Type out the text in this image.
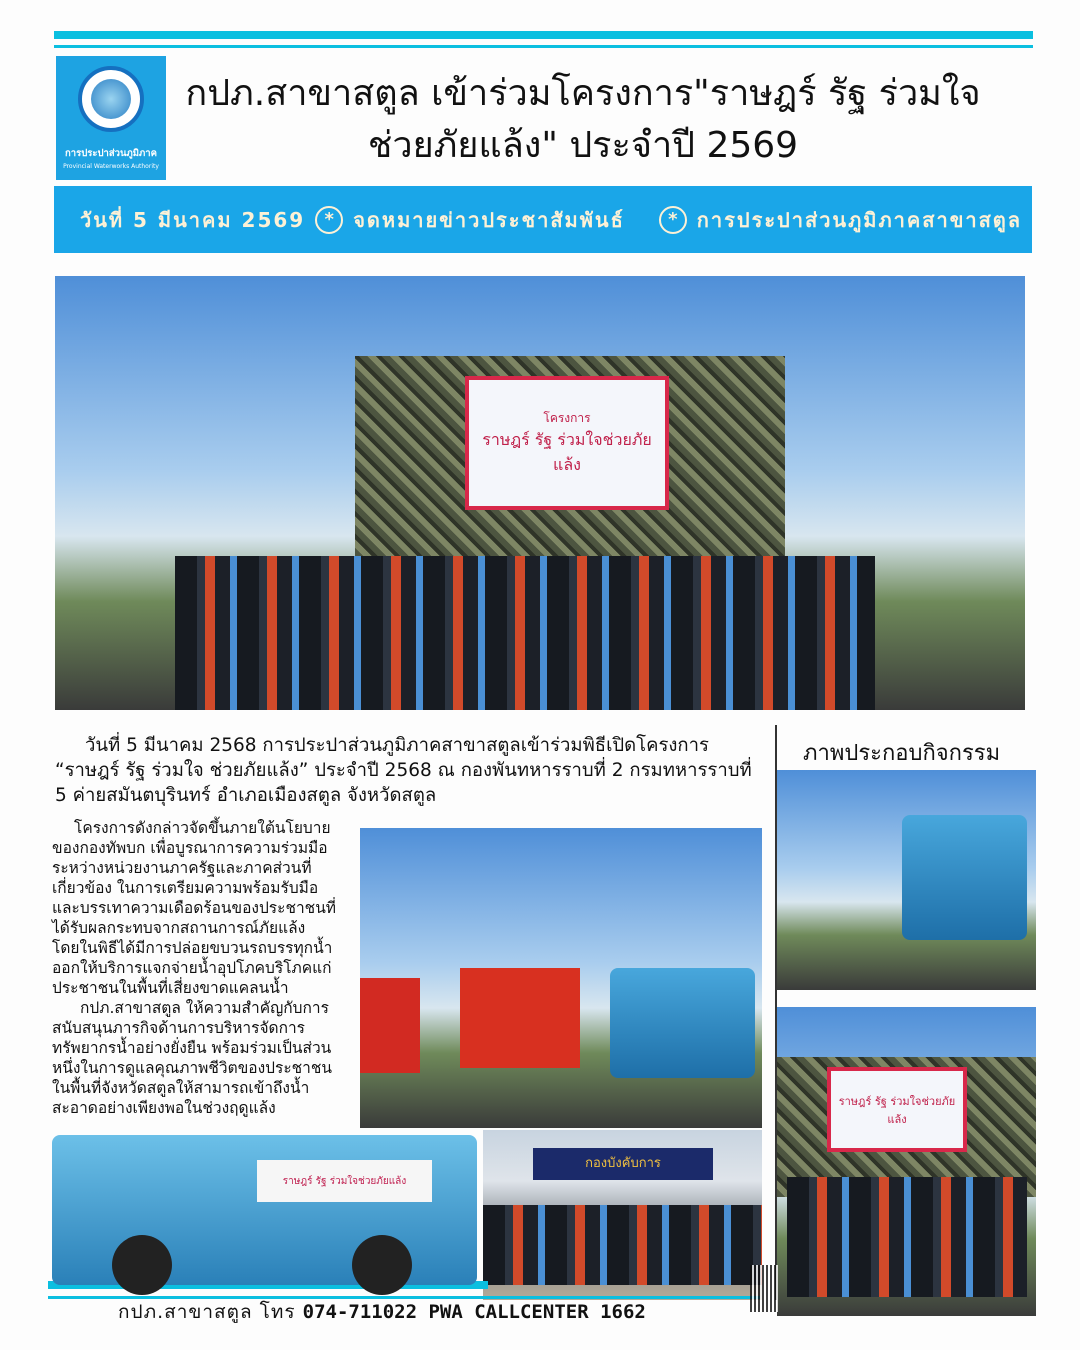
การประปาส่วนภูมิภาค
Provincial Waterworks Authority
กปภ.สาขาสตูล เข้าร่วมโครงการ"ราษฎร์ รัฐ ร่วมใจ
ช่วยภัยแล้ง" ประจำปี 2569
วันที่ 5 มีนาคม 2569	* จดหมายข่าวประชาสัมพันธ์	* การประปาส่วนภูมิภาคสาขาสตูล
โครงการ
ราษฎร์ รัฐ ร่วมใจช่วยภัยแล้ง
วันที่ 5 มีนาคม 2568 การประปาส่วนภูมิภาคสาขาสตูลเข้าร่วมพิธีเปิดโครงการ “ราษฎร์ รัฐ ร่วมใจ ช่วยภัยแล้ง” ประจำปี 2568 ณ กองพันทหารราบที่ 2 กรมทหารราบที่ 5 ค่ายสมันตบุรินทร์ อำเภอเมืองสตูล จังหวัดสตูล
ภาพประกอบกิจกรรม
ราษฎร์ รัฐ ร่วมใจช่วยภัยแล้ง

โครงการดังกล่าวจัดขึ้นภายใต้นโยบายของกองทัพบก เพื่อบูรณาการความร่วมมือระหว่างหน่วยงานภาครัฐและภาคส่วนที่เกี่ยวข้อง ในการเตรียมความพร้อมรับมือและบรรเทาความเดือดร้อนของประชาชนที่ได้รับผลกระทบจากสถานการณ์ภัยแล้ง โดยในพิธีได้มีการปล่อยขบวนรถบรรทุกน้ำออกให้บริการแจกจ่ายน้ำอุปโภคบริโภคแก่ประชาชนในพื้นที่เสี่ยงขาดแคลนน้ำ

กปภ.สาขาสตูล ให้ความสำคัญกับการสนับสนุนภารกิจด้านการบริหารจัดการทรัพยากรน้ำอย่างยั่งยืน พร้อมร่วมเป็นส่วนหนึ่งในการดูแลคุณภาพชีวิตของประชาชนในพื้นที่จังหวัดสตูลให้สามารถเข้าถึงน้ำสะอาดอย่างเพียงพอในช่วงฤดูแล้ง

กองบังคับการ
ราษฎร์ รัฐ ร่วมใจช่วยภัยแล้ง
กปภ.สาขาสตูล โทร 074-711022 PWA CALLCENTER 1662
